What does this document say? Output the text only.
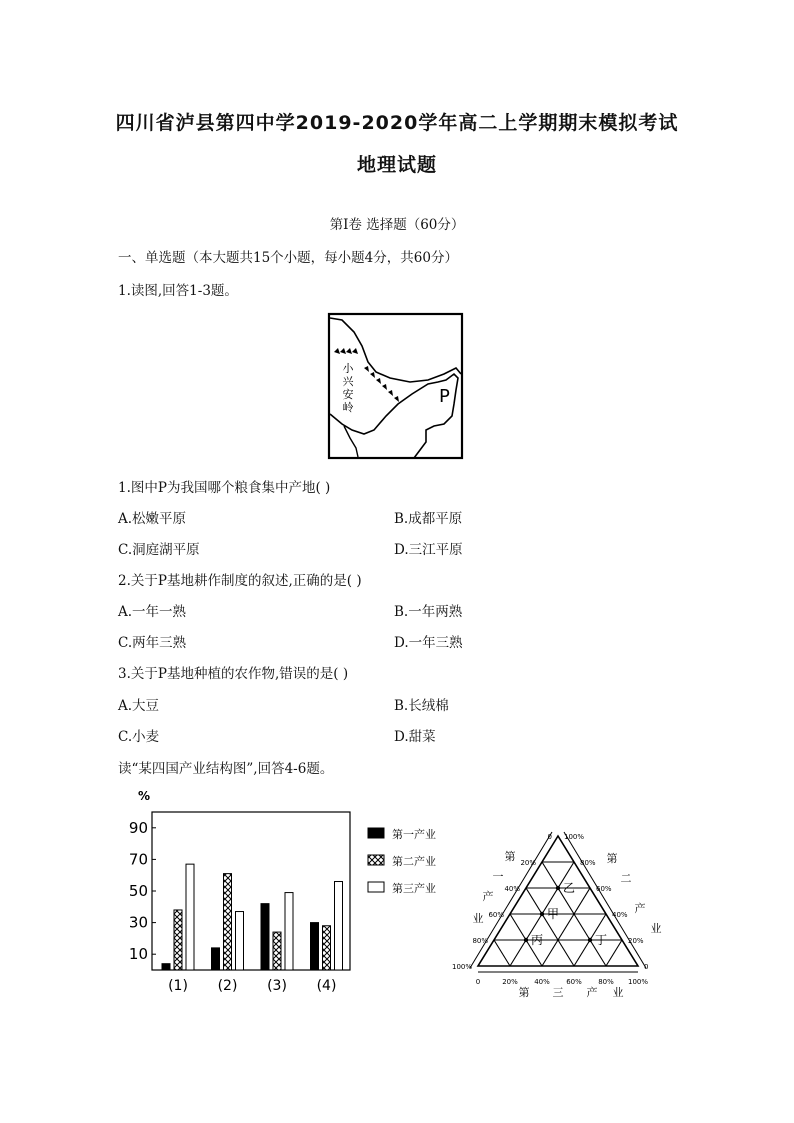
四川省泸县第四中学2019-2020学年高二上学期期末模拟考试
地理试题
第Ⅰ卷 选择题（60分）
一、单选题（本大题共15个小题，每小题4分，共60分）
1.读图,回答1-3题。
小
兴
安
岭
P
1.图中P为我国哪个粮食集中产地( )
A.松嫩平原	B.成都平原
C.洞庭湖平原	D.三江平原
2.关于P基地耕作制度的叙述,正确的是( )
A.一年一熟	B.一年两熟
C.两年三熟	D.一年三熟
3.关于P基地种植的农作物,错误的是( )
A.大豆	B.长绒棉
C.小麦	D.甜菜
读“某四国产业结构图”,回答4-6题。
%
90
70
50
30
10
(1) (2) (3) (4)
第一产业
第二产业
第三产业
0
0
0
20%
20%
20%
40%
40%
40%
60%
60%
60%
80%
80%
80%
100%
100%
100%
第
一
产
业
第
二
产
业
第 三 产 业
乙
甲
丙	丁
